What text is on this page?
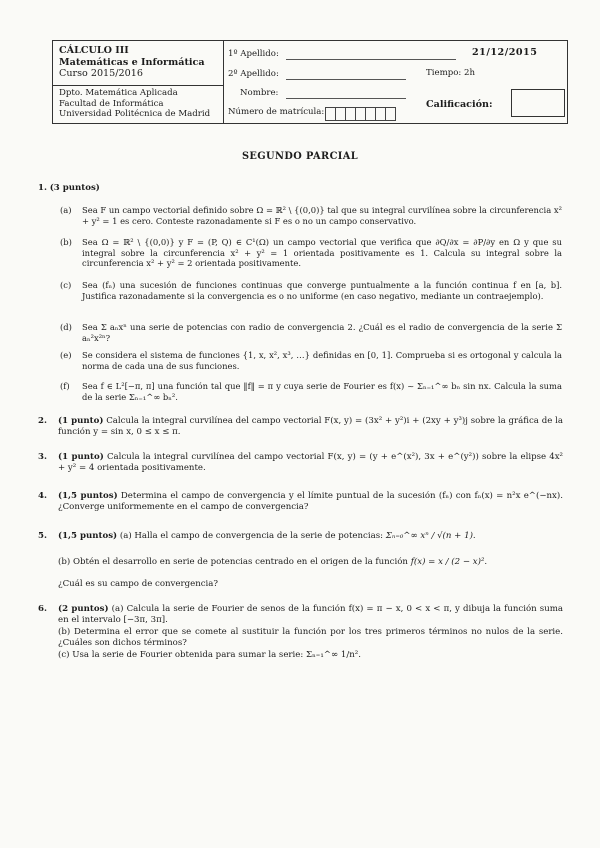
CÁLCULO III
Matemáticas e Informática
Curso 2015/2016
Dpto. Matemática Aplicada
Facultad de Informática
Universidad Politécnica de Madrid
1º Apellido:	21/12/2015
2º Apellido:	Tiempo: 2h
Nombre:
Número de matrícula:
Calificación:
SEGUNDO PARCIAL
1. (3 puntos)
(a) Sea F un campo vectorial definido sobre Ω = ℝ² \ {(0,0)} tal que su integral curvilínea sobre la circunferencia x² + y² = 1 es cero. Conteste razonadamente si F es o no un campo conservativo.
(b) Sea Ω = ℝ² \ {(0,0)} y F = (P, Q) ∈ C¹(Ω) un campo vectorial que verifica que ∂Q/∂x = ∂P/∂y en Ω y que su integral sobre la circunferencia x² + y² = 1 orientada positivamente es 1. Calcula su integral sobre la circunferencia x² + y² = 2 orientada positivamente.
(c) Sea (fₙ) una sucesión de funciones continuas que converge puntualmente a la función continua f en [a, b]. Justifica razonadamente si la convergencia es o no uniforme (en caso negativo, mediante un contraejemplo).
(d) Sea Σ aₙxⁿ una serie de potencias con radio de convergencia 2. ¿Cuál es el radio de convergencia de la serie Σ aₙ²x²ⁿ?
(e) Se considera el sistema de funciones {1, x, x², x³, …} definidas en [0, 1]. Comprueba si es ortogonal y calcula la norma de cada una de sus funciones.
(f) Sea f ∈ L²[−π, π] una función tal que ‖f‖ = π y cuya serie de Fourier es f(x) ~ Σₙ₌₁^∞ bₙ sin nx. Calcula la suma de la serie Σₙ₌₁^∞ bₙ².
2. (1 punto) Calcula la integral curvilínea del campo vectorial F(x, y) = (3x² + y²)i + (2xy + y³)j sobre la gráfica de la función y = sin x, 0 ≤ x ≤ π.
3. (1 punto) Calcula la integral curvilínea del campo vectorial F(x, y) = (y + e^(x²), 3x + e^(y²)) sobre la elipse 4x² + y² = 4 orientada positivamente.
4. (1,5 puntos) Determina el campo de convergencia y el límite puntual de la sucesión (fₙ) con fₙ(x) = n²x e^(−nx). ¿Converge uniformemente en el campo de convergencia?
5. (1,5 puntos) (a) Halla el campo de convergencia de la serie de potencias: Σₙ₌₀^∞ xⁿ / √(n + 1).
(b) Obtén el desarrollo en serie de potencias centrado en el origen de la función f(x) = x / (2 − x)².
¿Cuál es su campo de convergencia?
6. (2 puntos) (a) Calcula la serie de Fourier de senos de la función f(x) = π − x, 0 < x < π, y dibuja la función suma en el intervalo [−3π, 3π].
(b) Determina el error que se comete al sustituir la función por los tres primeros términos no nulos de la serie. ¿Cuáles son dichos términos?
(c) Usa la serie de Fourier obtenida para sumar la serie: Σₙ₌₁^∞ 1/n².
